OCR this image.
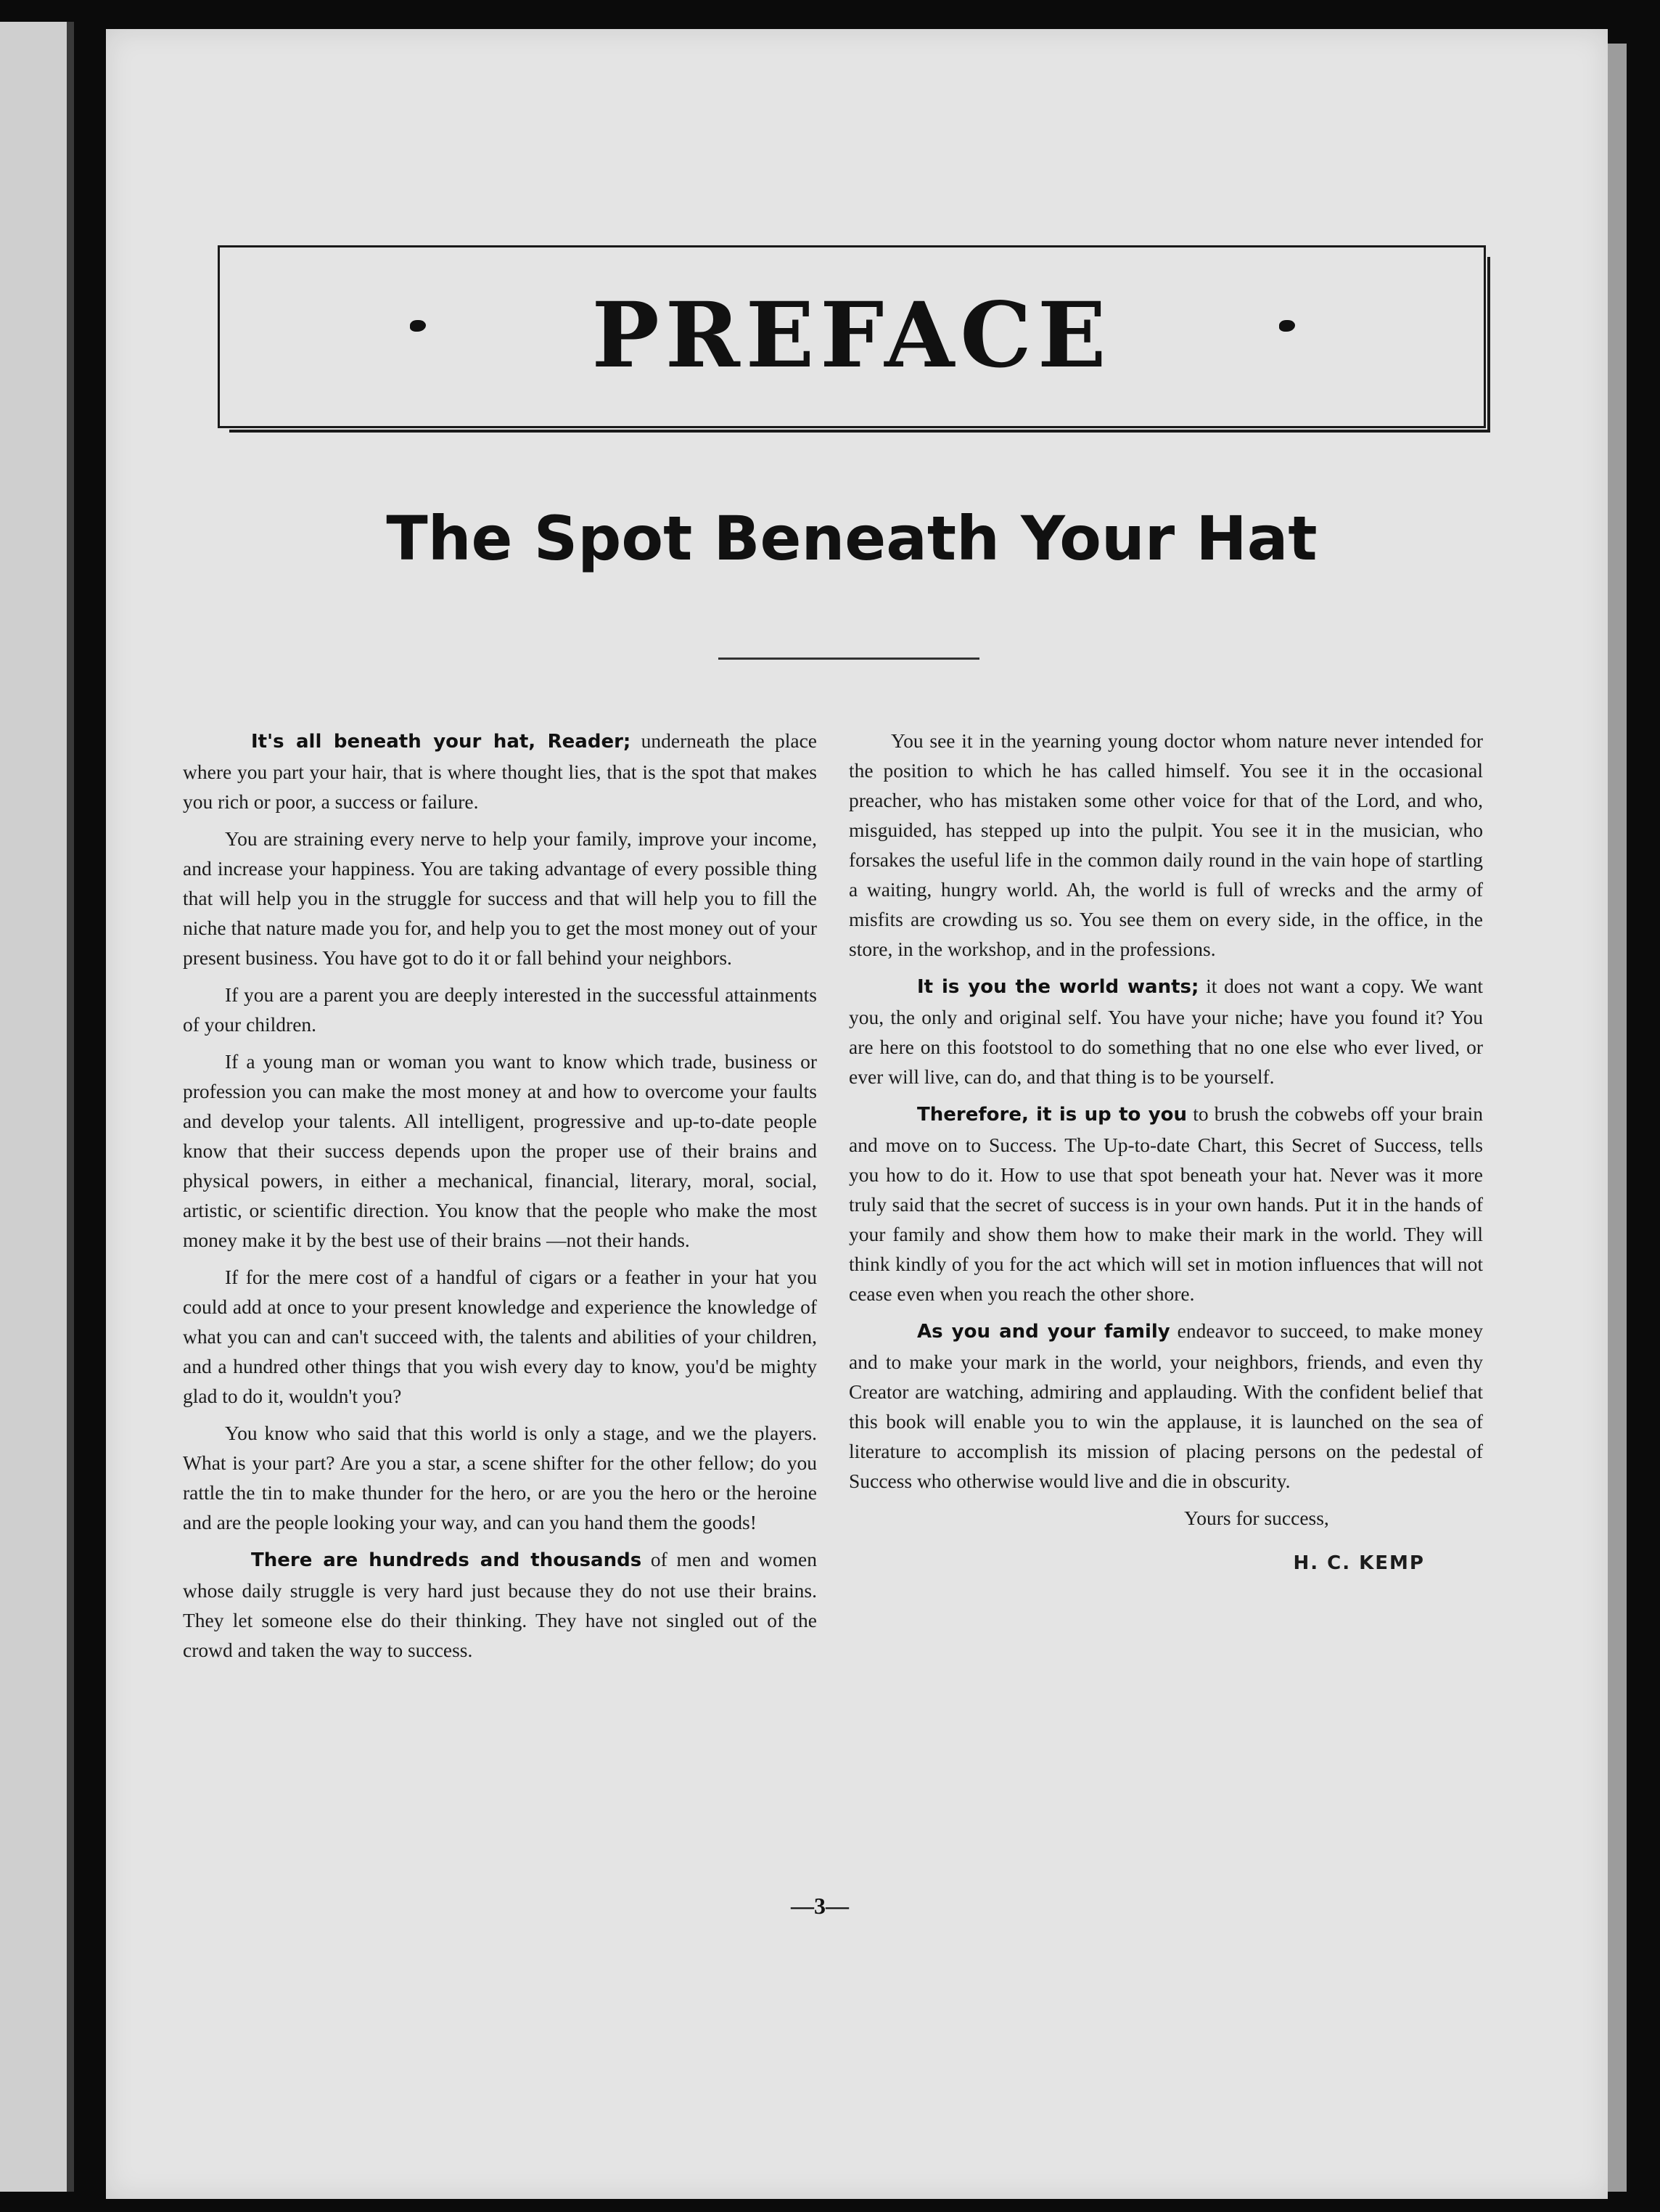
PREFACE
The Spot Beneath Your Hat

It's all beneath your hat, Reader; underneath the place where you part your hair, that is where thought lies, that is the spot that makes you rich or poor, a success or failure.

You are straining every nerve to help your family, improve your income, and increase your happiness. You are taking advantage of every possible thing that will help you in the struggle for success and that will help you to fill the niche that nature made you for, and help you to get the most money out of your present business. You have got to do it or fall behind your neighbors.

If you are a parent you are deeply interested in the successful attainments of your children.

If a young man or woman you want to know which trade, business or profession you can make the most money at and how to overcome your faults and develop your talents. All intelligent, progressive and up-to-date people know that their success depends upon the proper use of their brains and physical powers, in either a mechanical, financial, literary, moral, social, artistic, or scientific direction. You know that the people who make the most money make it by the best use of their brains —not their hands.

If for the mere cost of a handful of cigars or a feather in your hat you could add at once to your present knowledge and experience the knowledge of what you can and can't succeed with, the talents and abilities of your children, and a hundred other things that you wish every day to know, you'd be mighty glad to do it, wouldn't you?

You know who said that this world is only a stage, and we the players. What is your part? Are you a star, a scene shifter for the other fellow; do you rattle the tin to make thunder for the hero, or are you the hero or the heroine and are the people looking your way, and can you hand them the goods!

There are hundreds and thousands of men and women whose daily struggle is very hard just because they do not use their brains. They let someone else do their thinking. They have not singled out of the crowd and taken the way to success.

You see it in the yearning young doctor whom nature never intended for the position to which he has called himself. You see it in the occasional preacher, who has mistaken some other voice for that of the Lord, and who, misguided, has stepped up into the pulpit. You see it in the musician, who forsakes the useful life in the common daily round in the vain hope of startling a waiting, hungry world. Ah, the world is full of wrecks and the army of misfits are crowding us so. You see them on every side, in the office, in the store, in the workshop, and in the professions.

It is you the world wants; it does not want a copy. We want you, the only and original self. You have your niche; have you found it? You are here on this footstool to do something that no one else who ever lived, or ever will live, can do, and that thing is to be yourself.

Therefore, it is up to you to brush the cobwebs off your brain and move on to Success. The Up-to-date Chart, this Secret of Success, tells you how to do it. How to use that spot beneath your hat. Never was it more truly said that the secret of success is in your own hands. Put it in the hands of your family and show them how to make their mark in the world. They will think kindly of you for the act which will set in motion influences that will not cease even when you reach the other shore.

As you and your family endeavor to succeed, to make money and to make your mark in the world, your neighbors, friends, and even thy Creator are watching, admiring and applauding. With the confident belief that this book will enable you to win the applause, it is launched on the sea of literature to accomplish its mission of placing persons on the pedestal of Success who otherwise would live and die in obscurity.

Yours for success,
H. C. KEMP

—3—
